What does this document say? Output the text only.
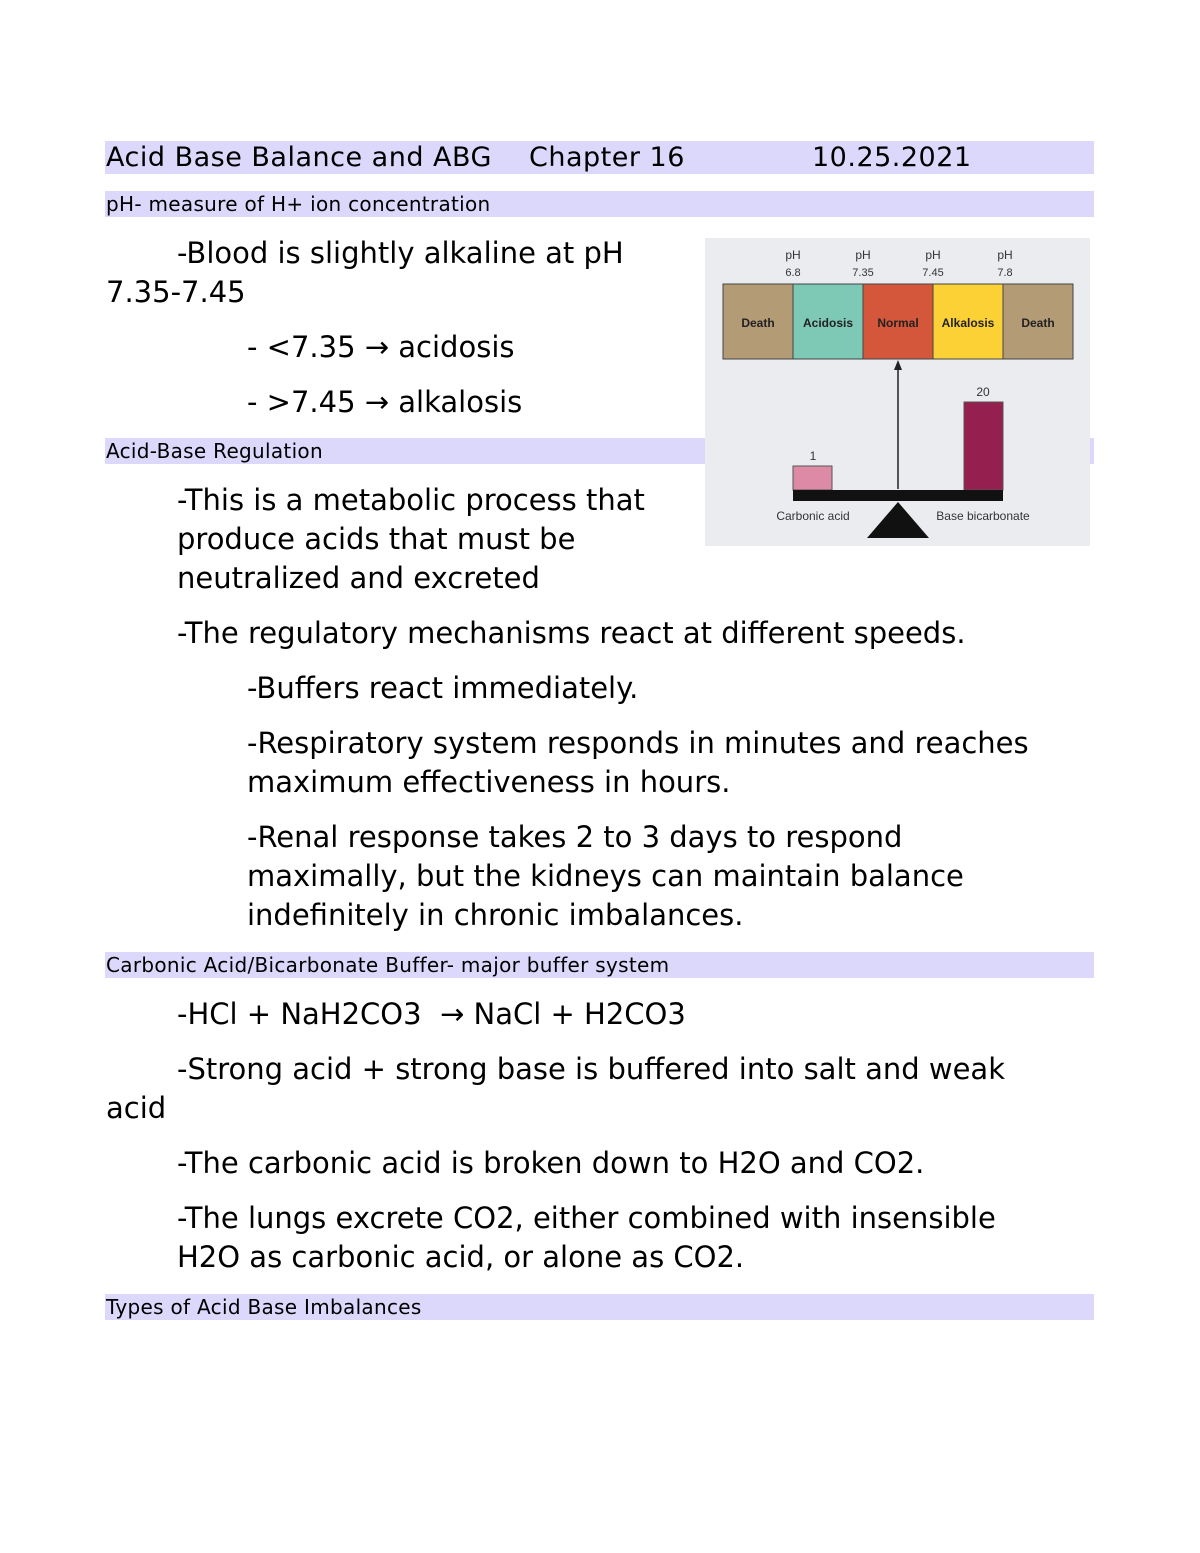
Acid Base Balance and ABG Chapter 16	10.25.2021
pH- measure of H+ ion concentration
-Blood is slightly alkaline at pH
7.35-7.45
- <7.35 → acidosis
- >7.45 → alkalosis
Acid-Base Regulation
-This is a metabolic process that
produce acids that must be
neutralized and excreted
-The regulatory mechanisms react at different speeds.
-Buffers react immediately.
-Respiratory system responds in minutes and reaches
maximum effectiveness in hours.
-Renal response takes 2 to 3 days to respond
maximally, but the kidneys can maintain balance
indefinitely in chronic imbalances.
Carbonic Acid/Bicarbonate Buffer- major buffer system
-HCl + NaH2CO3  → NaCl + H2CO3
-Strong acid + strong base is buffered into salt and weak
acid
-The carbonic acid is broken down to H2O and CO2.
-The lungs excrete CO2, either combined with insensible
H2O as carbonic acid, or alone as CO2.
Types of Acid Base Imbalances
pH
6.8
pH
7.35
pH
7.45
pH
7.8
Death Acidosis Normal Alkalosis Death
1
20
Carbonic acid	Base bicarbonate
